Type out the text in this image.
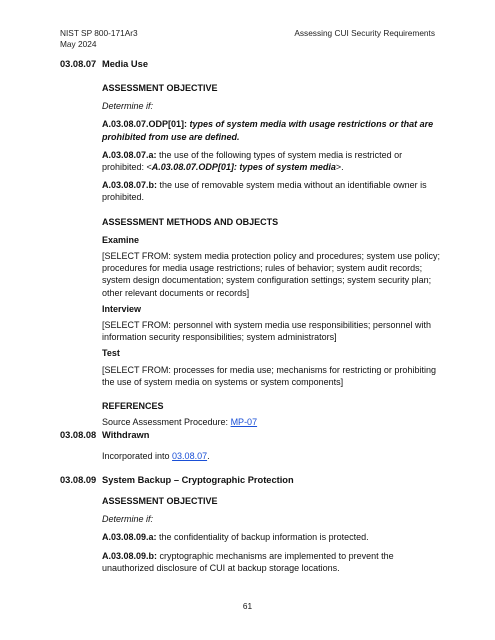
NIST SP 800-171Ar3
May 2024
Assessing CUI Security Requirements
03.08.07 Media Use

ASSESSMENT OBJECTIVE

Determine if:

A.03.08.07.ODP[01]: types of system media with usage restrictions or that are prohibited from use are defined.

A.03.08.07.a: the use of the following types of system media is restricted or prohibited: <A.03.08.07.ODP[01]: types of system media>.

A.03.08.07.b: the use of removable system media without an identifiable owner is prohibited.

ASSESSMENT METHODS AND OBJECTS

Examine

[SELECT FROM: system media protection policy and procedures; system use policy; procedures for media usage restrictions; rules of behavior; system audit records; system design documentation; system configuration settings; system security plan; other relevant documents or records]

Interview

[SELECT FROM: personnel with system media use responsibilities; personnel with information security responsibilities; system administrators]

Test

[SELECT FROM: processes for media use; mechanisms for restricting or prohibiting the use of system media on systems or system components]

REFERENCES

Source Assessment Procedure: MP-07

03.08.08 Withdrawn

Incorporated into 03.08.07.

03.08.09 System Backup – Cryptographic Protection

ASSESSMENT OBJECTIVE

Determine if:

A.03.08.09.a: the confidentiality of backup information is protected.

A.03.08.09.b: cryptographic mechanisms are implemented to prevent the unauthorized disclosure of CUI at backup storage locations.

61
